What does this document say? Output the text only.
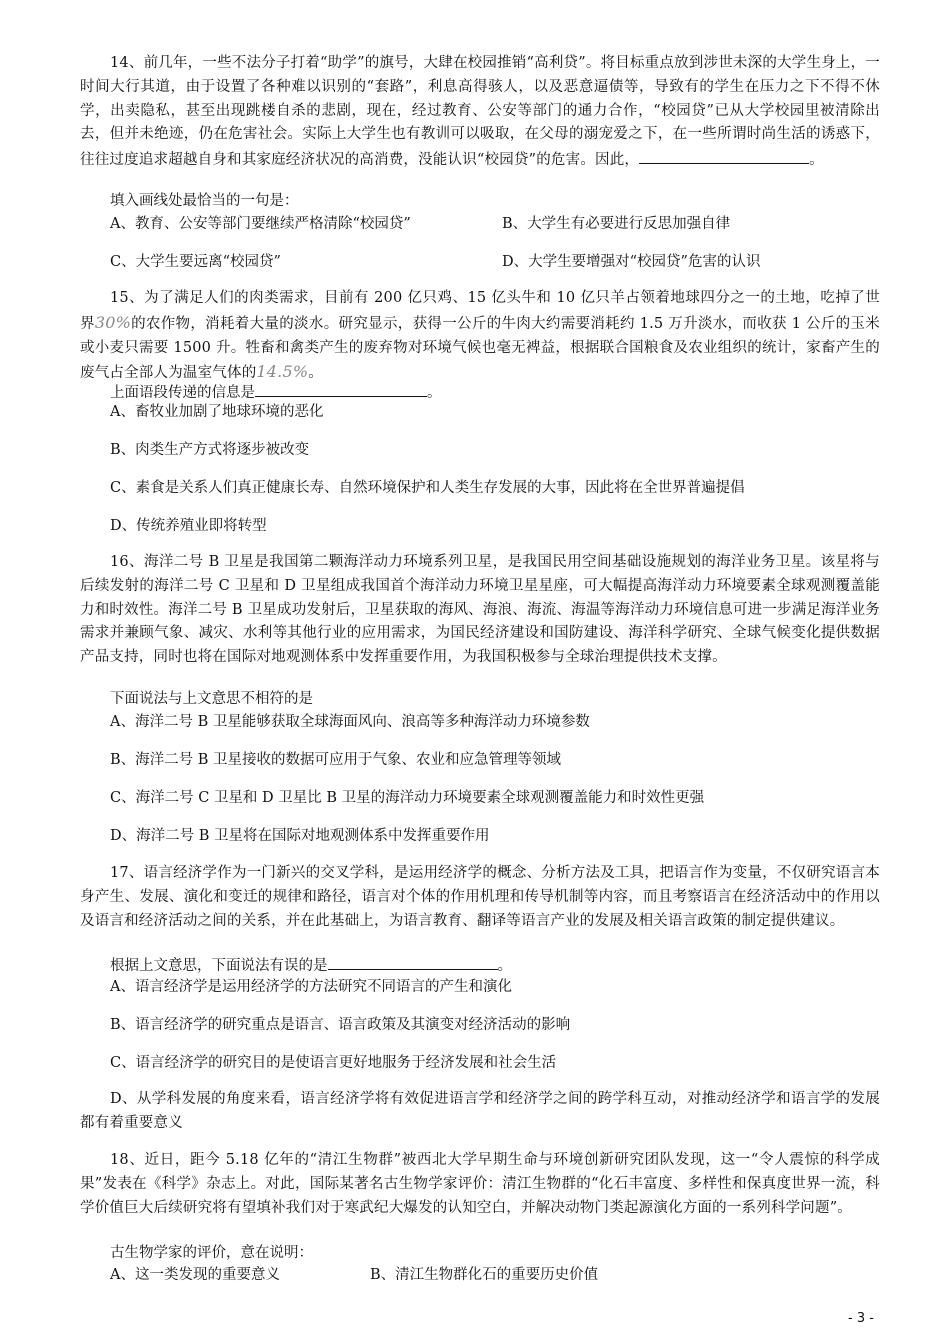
14、前几年，一些不法分子打着“助学”的旗号，大肆在校园推销“高利贷”。将目标重点放到涉世未深的大学生身上，一时间大行其道，由于设置了各种难以识别的“套路”，利息高得骇人，以及恶意逼债等，导致有的学生在压力之下不得不休学，出卖隐私，甚至出现跳楼自杀的悲剧，现在，经过教育、公安等部门的通力合作，“校园贷”已从大学校园里被清除出去，但并未绝迹，仍在危害社会。实际上大学生也有教训可以吸取，在父母的溺宠爱之下，在一些所谓时尚生活的诱惑下，往往过度追求超越自身和其家庭经济状况的高消费，没能认识“校园贷”的危害。因此，	。

填入画线处最恰当的一句是：

A、教育、公安等部门要继续严格清除“校园贷”	B、大学生有必要进行反思加强自律

C、大学生要远离“校园贷”	D、大学生要增强对“校园贷”危害的认识

15、为了满足人们的肉类需求，目前有 200 亿只鸡、15 亿头牛和 10 亿只羊占领着地球四分之一的土地，吃掉了世界30%的农作物，消耗着大量的淡水。研究显示，获得一公斤的牛肉大约需要消耗约 1.5 万升淡水，而收获 1 公斤的玉米或小麦只需要 1500 升。牲畜和禽类产生的废弃物对环境气候也毫无裨益，根据联合国粮食及农业组织的统计，家畜产生的废气占全部人为温室气体的14.5%。

上面语段传递的信息是	。

A、畜牧业加剧了地球环境的恶化

B、肉类生产方式将逐步被改变

C、素食是关系人们真正健康长寿、自然环境保护和人类生存发展的大事，因此将在全世界普遍提倡

D、传统养殖业即将转型

16、海洋二号 B 卫星是我国第二颗海洋动力环境系列卫星，是我国民用空间基础设施规划的海洋业务卫星。该星将与后续发射的海洋二号 C 卫星和 D 卫星组成我国首个海洋动力环境卫星星座，可大幅提高海洋动力环境要素全球观测覆盖能力和时效性。海洋二号 B 卫星成功发射后，卫星获取的海风、海浪、海流、海温等海洋动力环境信息可进一步满足海洋业务需求并兼顾气象、减灾、水利等其他行业的应用需求，为国民经济建设和国防建设、海洋科学研究、全球气候变化提供数据产品支持，同时也将在国际对地观测体系中发挥重要作用，为我国积极参与全球治理提供技术支撑。

下面说法与上文意思不相符的是

A、海洋二号 B 卫星能够获取全球海面风向、浪高等多种海洋动力环境参数

B、海洋二号 B 卫星接收的数据可应用于气象、农业和应急管理等领域

C、海洋二号 C 卫星和 D 卫星比 B 卫星的海洋动力环境要素全球观测覆盖能力和时效性更强

D、海洋二号 B 卫星将在国际对地观测体系中发挥重要作用

17、语言经济学作为一门新兴的交叉学科，是运用经济学的概念、分析方法及工具，把语言作为变量，不仅研究语言本身产生、发展、演化和变迁的规律和路径，语言对个体的作用机理和传导机制等内容，而且考察语言在经济活动中的作用以及语言和经济活动之间的关系，并在此基础上，为语言教育、翻译等语言产业的发展及相关语言政策的制定提供建议。

根据上文意思，下面说法有误的是	。

A、语言经济学是运用经济学的方法研究不同语言的产生和演化

B、语言经济学的研究重点是语言、语言政策及其演变对经济活动的影响

C、语言经济学的研究目的是使语言更好地服务于经济发展和社会生活

D、从学科发展的角度来看，语言经济学将有效促进语言学和经济学之间的跨学科互动，对推动经济学和语言学的发展都有着重要意义

18、近日，距今 5.18 亿年的“清江生物群”被西北大学早期生命与环境创新研究团队发现，这一“令人震惊的科学成果”发表在《科学》杂志上。对此，国际某著名古生物学家评价：清江生物群的“化石丰富度、多样性和保真度世界一流，科学价值巨大后续研究将有望填补我们对于寒武纪大爆发的认知空白，并解决动物门类起源演化方面的一系列科学问题”。

古生物学家的评价，意在说明：

A、这一类发现的重要意义	B、清江生物群化石的重要历史价值

- 3 -
